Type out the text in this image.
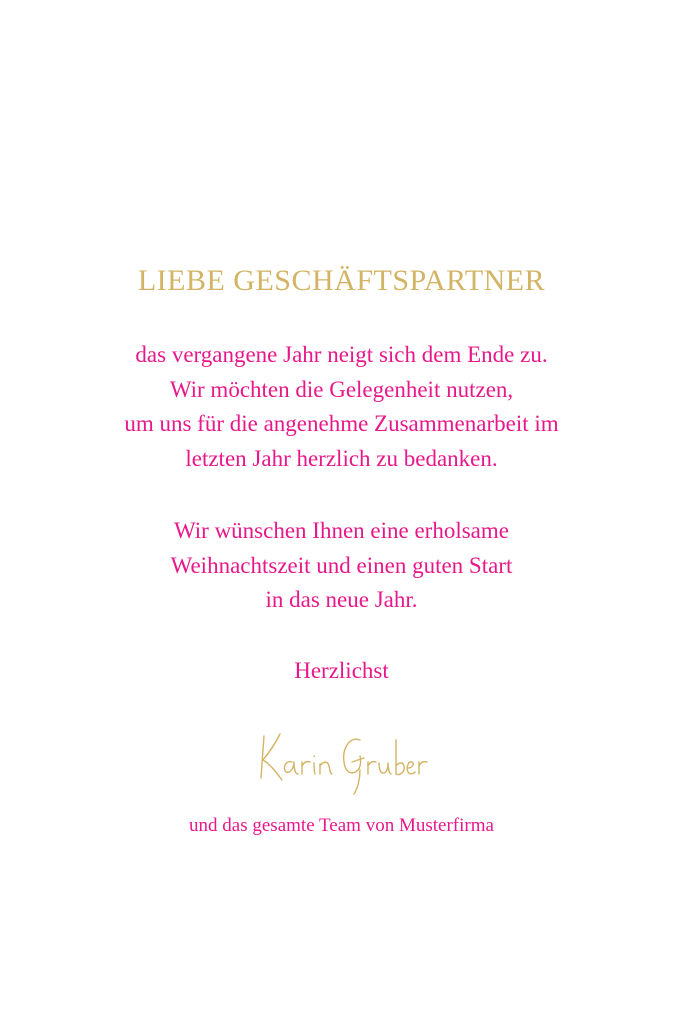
LIEBE GESCHÄFTSPARTNER

das vergangene Jahr neigt sich dem Ende zu.
Wir möchten die Gelegenheit nutzen,
um uns für die angenehme Zusammenarbeit im
letzten Jahr herzlich zu bedanken.

Wir wünschen Ihnen eine erholsame
Weihnachtszeit und einen guten Start
in das neue Jahr.

Herzlichst

und das gesamte Team von Musterfirma
